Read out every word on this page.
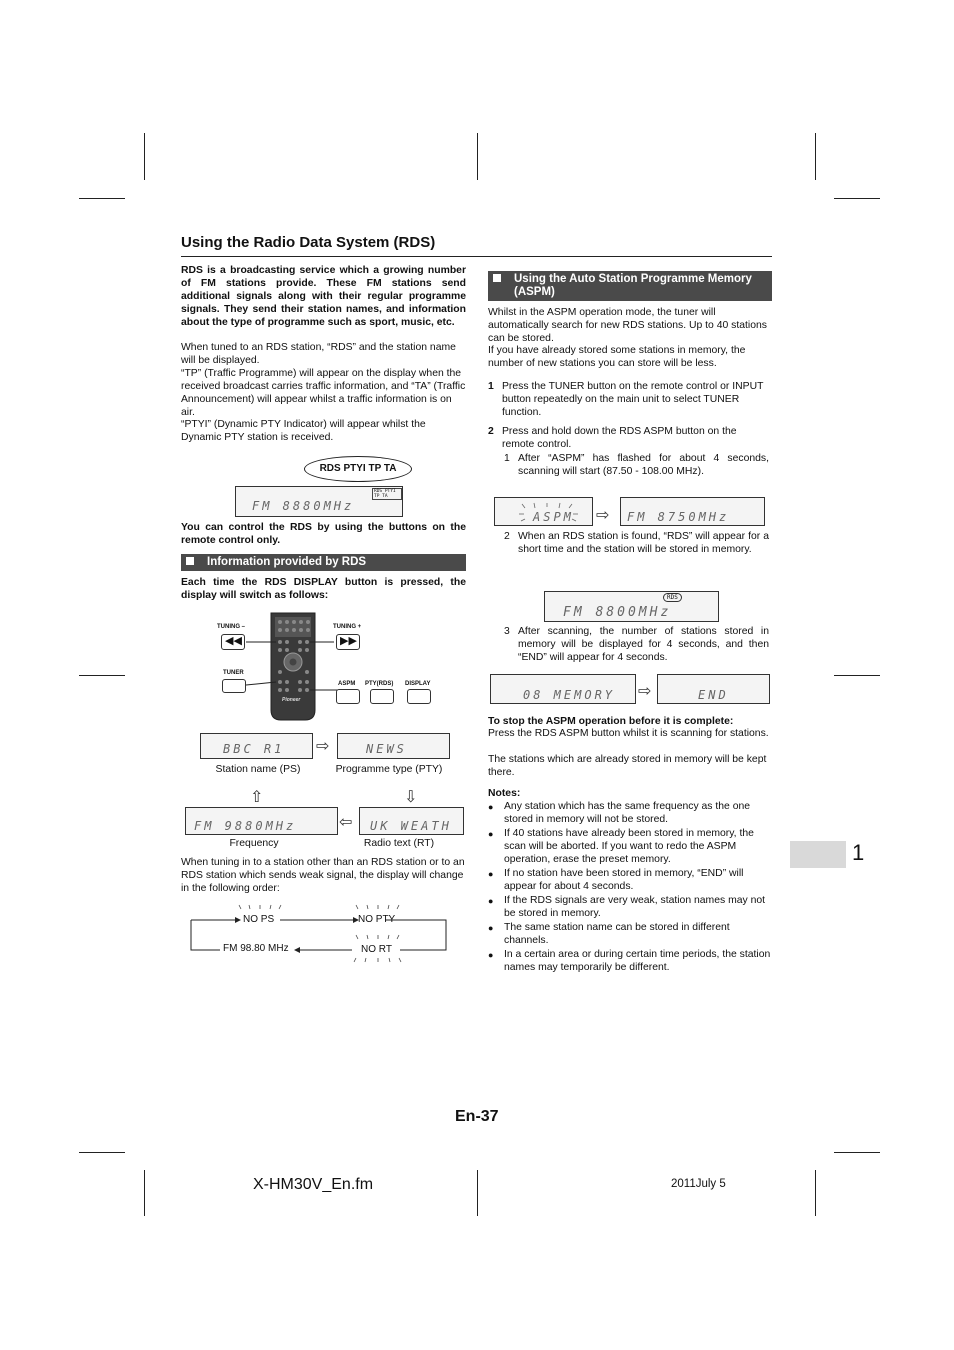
Using the Radio Data System (RDS)
RDS is a broadcasting service which a growing number of FM stations provide. These FM stations send additional signals along with their regular programme signals. They send their station names, and information about the type of programme such as sport, music, etc.
When tuned to an RDS station, “RDS” and the station name will be displayed.
“TP” (Traffic Programme) will appear on the display when the received broadcast carries traffic information, and “TA” (Traffic Announcement) will appear whilst a traffic information is on air.
“PTYI” (Dynamic PTY Indicator) will appear whilst the Dynamic PTY station is received.
RDS PTYI TP TA
RDS PTYI TP TA
FM 8880MHz
You can control the RDS by using the buttons on the remote control only.
Information provided by RDS
Each time the RDS DISPLAY button is pressed, the display will switch as follows:
TUNING –
◀◀
TUNING +
▶▶
TUNER
ASPM PTY(RDS) DISPLAY
Pioneer
BBC R1 ⇨	NEWS
Station name (PS)	Programme type (PTY)
⇧	⇩
FM 9880MHz	⇦ UK WEATH
Frequency	Radio text (RT)
When tuning in to a station other than an RDS station or to an RDS station which sends weak signal, the display will change in the following order:
NO PS	NO PTY
FM 98.80 MHz	NO RT
Using the Auto Station Programme Memory (ASPM)
Whilst in the ASPM operation mode, the tuner will automatically search for new RDS stations. Up to 40 stations can be stored.
If you have already stored some stations in memory, the number of new stations you can store will be less.
1 Press the TUNER button on the remote control or INPUT button repeatedly on the main unit to select TUNER function.
2 Press and hold down the RDS ASPM button on the remote control.
1 After “ASPM” has flashed for about 4 seconds, scanning will start (87.50 - 108.00 MHz).
ASPM ⇨ FM 8750MHz
2 When an RDS station is found, “RDS” will appear for a short time and the station will be stored in memory.
RDS
FM 8800MHz
3 After scanning, the number of stations stored in memory will be displayed for 4 seconds, and then “END” will appear for 4 seconds.
08 MEMORY ⇨	END
To stop the ASPM operation before it is complete:
Press the RDS ASPM button whilst it is scanning for stations.
The stations which are already stored in memory will be kept there.
Notes:
● Any station which has the same frequency as the one stored in memory will not be stored.
● If 40 stations have already been stored in memory, the scan will be aborted. If you want to redo the ASPM operation, erase the preset memory.
● If no station have been stored in memory, “END” will appear for about 4 seconds.
● If the RDS signals are very weak, station names may not be stored in memory.
● The same station name can be stored in different channels.
● In a certain area or during certain time periods, the station names may temporarily be different.
1
En-37
X-HM30V_En.fm	2011July 5
